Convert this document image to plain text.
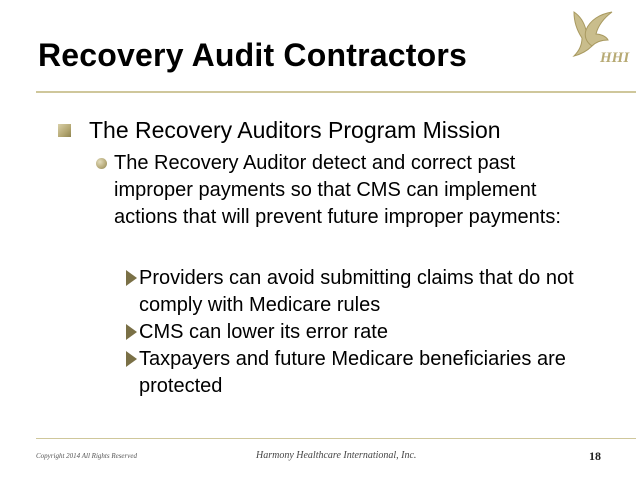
Recovery Audit Contractors	HHI
The Recovery Auditors Program Mission
The Recovery Auditor detect and correct past improper payments so that CMS can implement actions that will prevent future improper payments:
Providers can avoid submitting claims that do not comply with Medicare rules
CMS can lower its error rate
Taxpayers and future Medicare beneficiaries are protected
Copyright 2014 All Rights Reserved	Harmony Healthcare International, Inc.	18
